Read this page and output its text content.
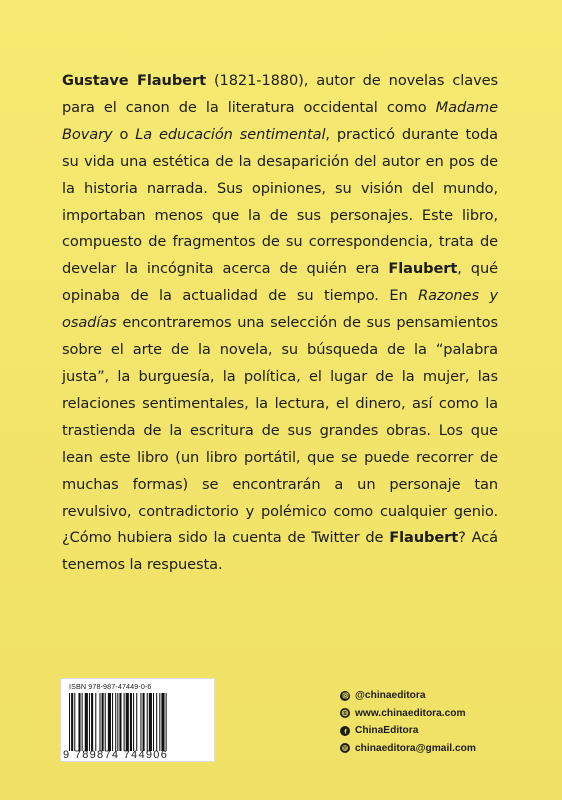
Gustave Flaubert (1821-1880), autor de novelas claves para el canon de la literatura occidental como Madame Bovary o La educación sentimental, practicó durante toda su vida una estética de la desaparición del autor en pos de la historia narrada. Sus opiniones, su visión del mundo, importaban menos que la de sus personajes. Este libro, compuesto de fragmentos de su correspondencia, trata de develar la incógnita acerca de quién era Flaubert, qué opinaba de la actualidad de su tiempo. En Razones y osadías encontraremos una selección de sus pensamientos sobre el arte de la novela, su búsqueda de la “palabra justa”, la burguesía, la política, el lugar de la mujer, las relaciones sentimentales, la lectura, el dinero, así como la trastienda de la escritura de sus grandes obras. Los que lean este libro (un libro portátil, que se puede recorrer de muchas formas) se encontrarán a un personaje tan revulsivo, contradictorio y polémico como cualquier genio. ¿Cómo hubiera sido la cuenta de Twitter de Flaubert? Acá tenemos la respuesta.

ISBN 978-987-47449-0-6
9 789874 744906
@chinaeditora
www.chinaeditora.com
ChinaEditora
chinaeditora@gmail.com
